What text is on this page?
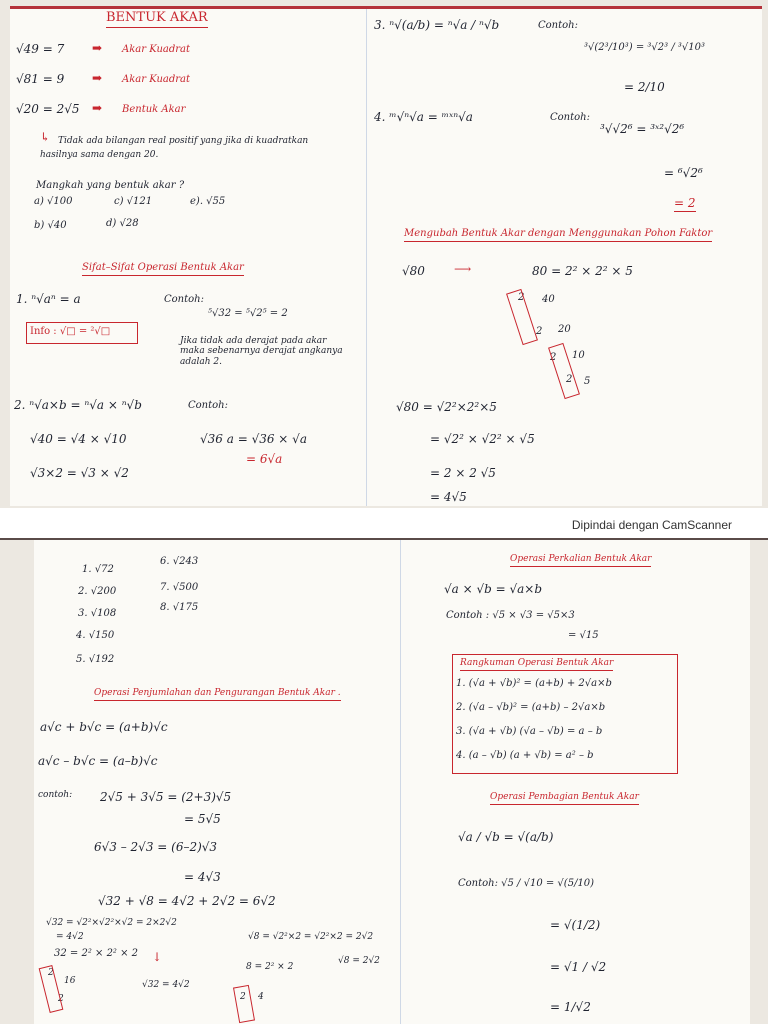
BENTUK AKAR
√49 = 7 ➡ Akar Kuadrat
√81 = 9 ➡ Akar Kuadrat
√20 = 2√5 ➡ Bentuk Akar
↳ Tidak ada bilangan real positif yang jika di kuadratkan
hasilnya sama dengan 20.
Mangkah yang bentuk akar ?
a) √100	c) √121	e). √55
b) √40	d) √28
Sifat–Sifat Operasi Bentuk Akar
1. ⁿ√aⁿ = a	Contoh:
⁵√32 = ⁵√2⁵ = 2
Info : √□ = ²√□
Jika tidak ada derajat pada akar maka sebenarnya derajat angkanya adalah 2.
2. ⁿ√a×b = ⁿ√a × ⁿ√b	Contoh:
√40 = √4 × √10	√36 a = √36 × √a
= 6√a
√3×2 = √3 × √2
3. ⁿ√(a/b) = ⁿ√a / ⁿ√b	Contoh:
³√(2³/10³) = ³√2³ / ³√10³
= 2/10
4. ᵐ√ⁿ√a = ᵐˣⁿ√a	Contoh:
³√√2⁶ = ³ˣ²√2⁶
= ⁶√2⁶
= 2
Mengubah Bentuk Akar dengan Menggunakan Pohon Faktor
√80 ⟶	80 = 2² × 2² × 5
2 40
2 20
2 10
2 5
√80 = √2²×2²×5
= √2² × √2² × √5
= 2 × 2 √5
= 4√5
Dipindai dengan CamScanner
1. √72
2. √200
3. √108
4. √150
5. √192
6. √243
7. √500
8. √175
Operasi Penjumlahan dan Pengurangan Bentuk Akar .
a√c + b√c = (a+b)√c
a√c – b√c = (a–b)√c
contoh: 2√5 + 3√5 = (2+3)√5
= 5√5
6√3 – 2√3 = (6–2)√3
= 4√3
√32 + √8 = 4√2 + 2√2 = 6√2
√32 = √2²×√2²×√2 = 2×2√2
= 4√2
32 = 2² × 2² × 2 ↓
√32 = 4√2
√8 = √2²×2 = √2²×2 = 2√2
8 = 2² × 2
√8 = 2√2
2
16
2	2 4
Operasi Perkalian Bentuk Akar
√a × √b = √a×b
Contoh : √5 × √3 = √5×3
= √15
Rangkuman Operasi Bentuk Akar
1. (√a + √b)² = (a+b) + 2√a×b
2. (√a – √b)² = (a+b) – 2√a×b
3. (√a + √b) (√a – √b) = a – b
4. (a – √b) (a + √b) = a² – b
Operasi Pembagian Bentuk Akar
√a / √b = √(a/b)
Contoh: √5 / √10 = √(5/10)
= √(1/2)
= √1 / √2
= 1/√2
